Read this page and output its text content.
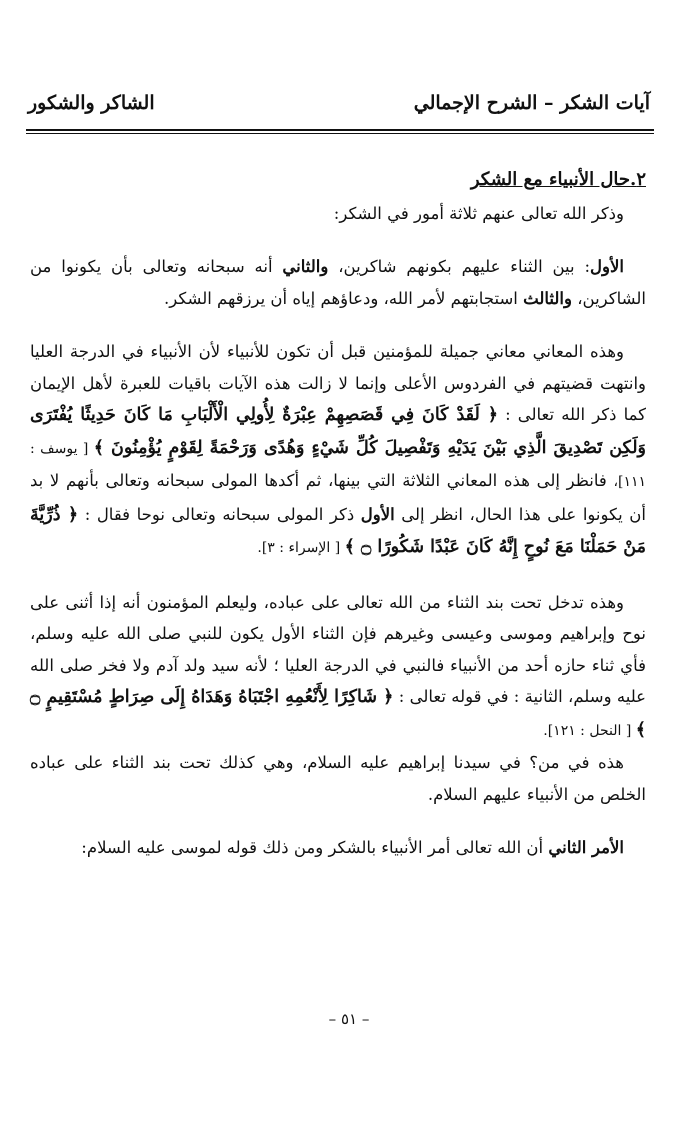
آيات الشكر – الشرح الإجمالي
الشاكر والشكور

٢.حال الأنبياء مع الشكر

وذكر الله تعالى عنهم ثلاثة أمور في الشكر:

الأول: بين الثناء عليهم بكونهم شاكرين، والثاني أنه سبحانه وتعالى بأن يكونوا من الشاكرين، والثالث استجابتهم لأمر الله، ودعاؤهم إياه أن يرزقهم الشكر.

وهذه المعاني معاني جميلة للمؤمنين قبل أن تكون للأنبياء لأن الأنبياء في الدرجة العليا وانتهت قضيتهم في الفردوس الأعلى وإنما لا زالت هذه الآيات باقيات للعبرة لأهل الإيمان كما ذكر الله تعالى : ﴿ لَقَدْ كَانَ فِي قَصَصِهِمْ عِبْرَةٌ لِأُولِي الْأَلْبَابِ مَا كَانَ حَدِيثًا يُفْتَرَى وَلَكِن تَصْدِيقَ الَّذِي بَيْنَ يَدَيْهِ وَتَفْصِيلَ كُلِّ شَيْءٍ وَهُدًى وَرَحْمَةً لِقَوْمٍ يُؤْمِنُونَ ﴾ [ يوسف : ١١١]، فانظر إلى هذه المعاني الثلاثة التي بينها، ثم أكدها المولى سبحانه وتعالى بأنهم لا بد أن يكونوا على هذا الحال، انظر إلى الأول ذكر المولى سبحانه وتعالى نوحا فقال : ﴿ ذُرِّيَّةَ مَنْ حَمَلْنَا مَعَ نُوحٍ إِنَّهُ كَانَ عَبْدًا شَكُورًا ۝ ﴾ [ الإسراء : ٣].

وهذه تدخل تحت بند الثناء من الله تعالى على عباده، وليعلم المؤمنون أنه إذا أثنى على نوح وإبراهيم وموسى وعيسى وغيرهم فإن الثناء الأول يكون للنبي صلى الله عليه وسلم، فأي ثناء حازه أحد من الأنبياء فالنبي في الدرجة العليا ؛ لأنه سيد ولد آدم ولا فخر صلى الله عليه وسلم، الثانية : في قوله تعالى : ﴿ شَاكِرًا لِأَنْعُمِهِ اجْتَبَاهُ وَهَدَاهُ إِلَى صِرَاطٍ مُسْتَقِيمٍ ۝ ﴾ [ النحل : ١٢١].

هذه في من؟ في سيدنا إبراهيم عليه السلام، وهي كذلك تحت بند الثناء على عباده الخلص من الأنبياء عليهم السلام.

الأمر الثاني أن الله تعالى أمر الأنبياء بالشكر ومن ذلك قوله لموسى عليه السلام:

– ٥١ –
